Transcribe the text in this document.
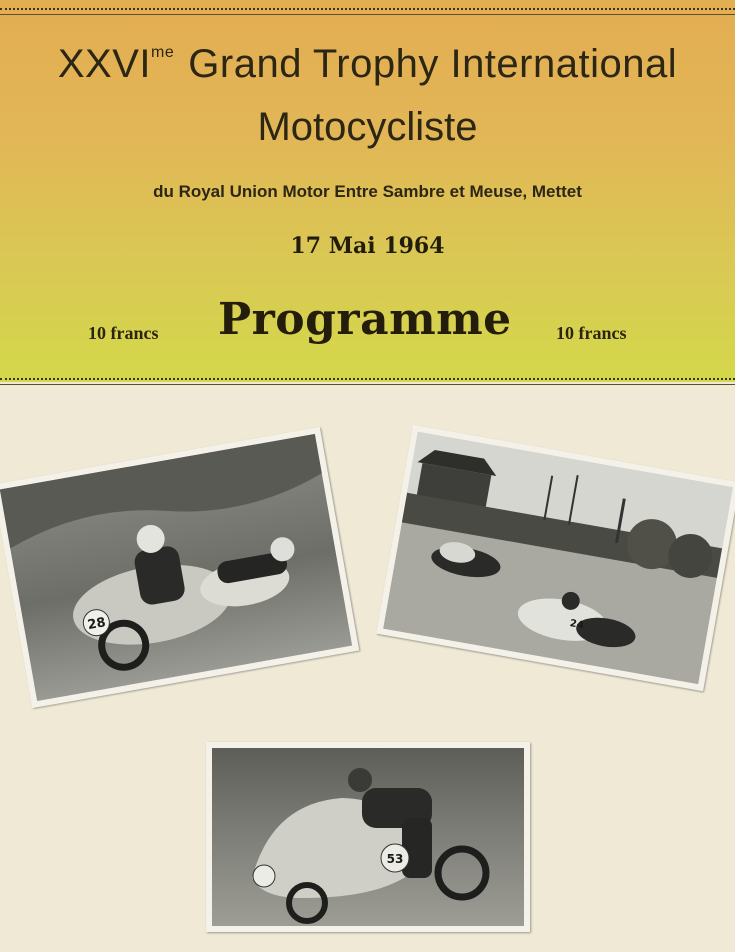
$XXVI^{me}$ Grand Trophy International
Motocycliste
du Royal Union Motor Entre Sambre et Meuse, Mettet
17 Mai 1964
10 francs Programme 10 francs
28	24
53
